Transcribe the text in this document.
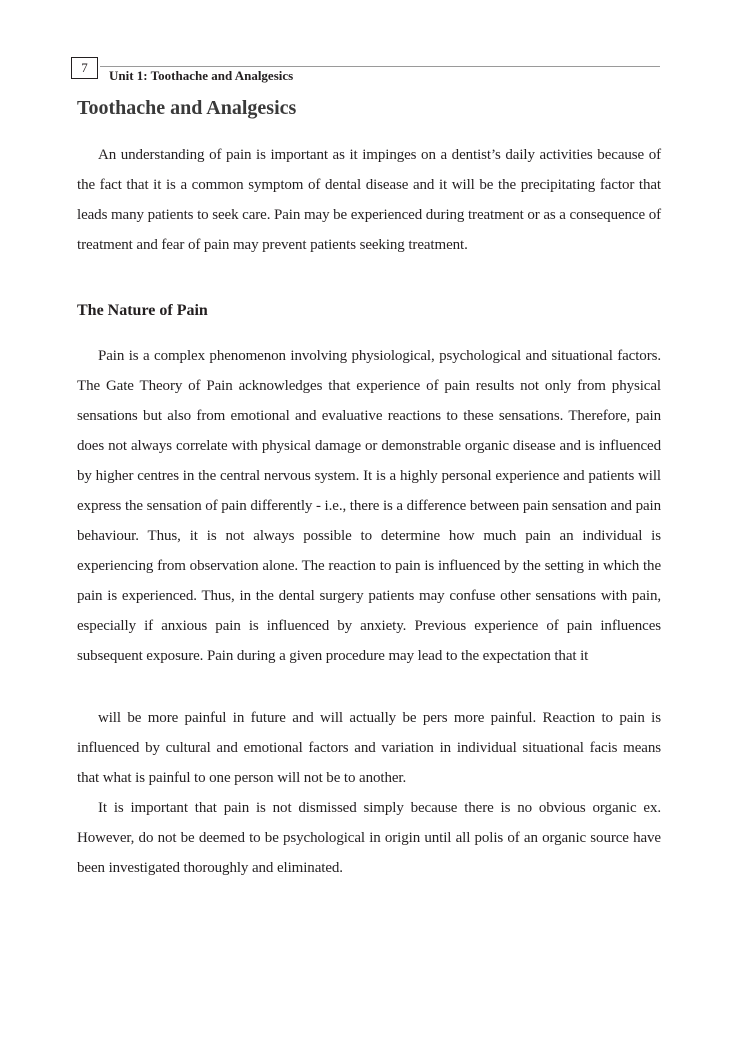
7
Unit 1: Toothache and Analgesics
Toothache and Analgesics

An understanding of pain is important as it impinges on a dentist’s daily activities because of the fact that it is a common symptom of dental disease and it will be the precipitating factor that leads many patients to seek care. Pain may be experienced during treatment or as a consequence of treatment and fear of pain may prevent patients seeking treatment.

The Nature of Pain

Pain is a complex phenomenon involving physiological, psychological and situational factors. The Gate Theory of Pain acknowledges that experience of pain results not only from physical sensations but also from emotional and evaluative reactions to these sensations. Therefore, pain does not always correlate with physical damage or demonstrable organic disease and is influenced by higher centres in the central nervous system. It is a highly personal experience and patients will express the sensation of pain differently - i.e., there is a difference between pain sensation and pain behaviour. Thus, it is not always possible to determine how much pain an individual is experiencing from observation alone. The reaction to pain is influenced by the setting in which the pain is experienced. Thus, in the dental surgery patients may confuse other sensations with pain, especially if anxious pain is influenced by anxiety. Previous experience of pain influences subsequent exposure. Pain during a given procedure may lead to the expectation that it

will be more painful in future and will actually be pers more painful. Reaction to pain is influenced by cultural and emotional factors and variation in individual situational facis means that what is painful to one person will not be to another.

It is important that pain is not dismissed simply because there is no obvious organic ex. However, do not be deemed to be psychological in origin until all polis of an organic source have been investigated thoroughly and eliminated.
